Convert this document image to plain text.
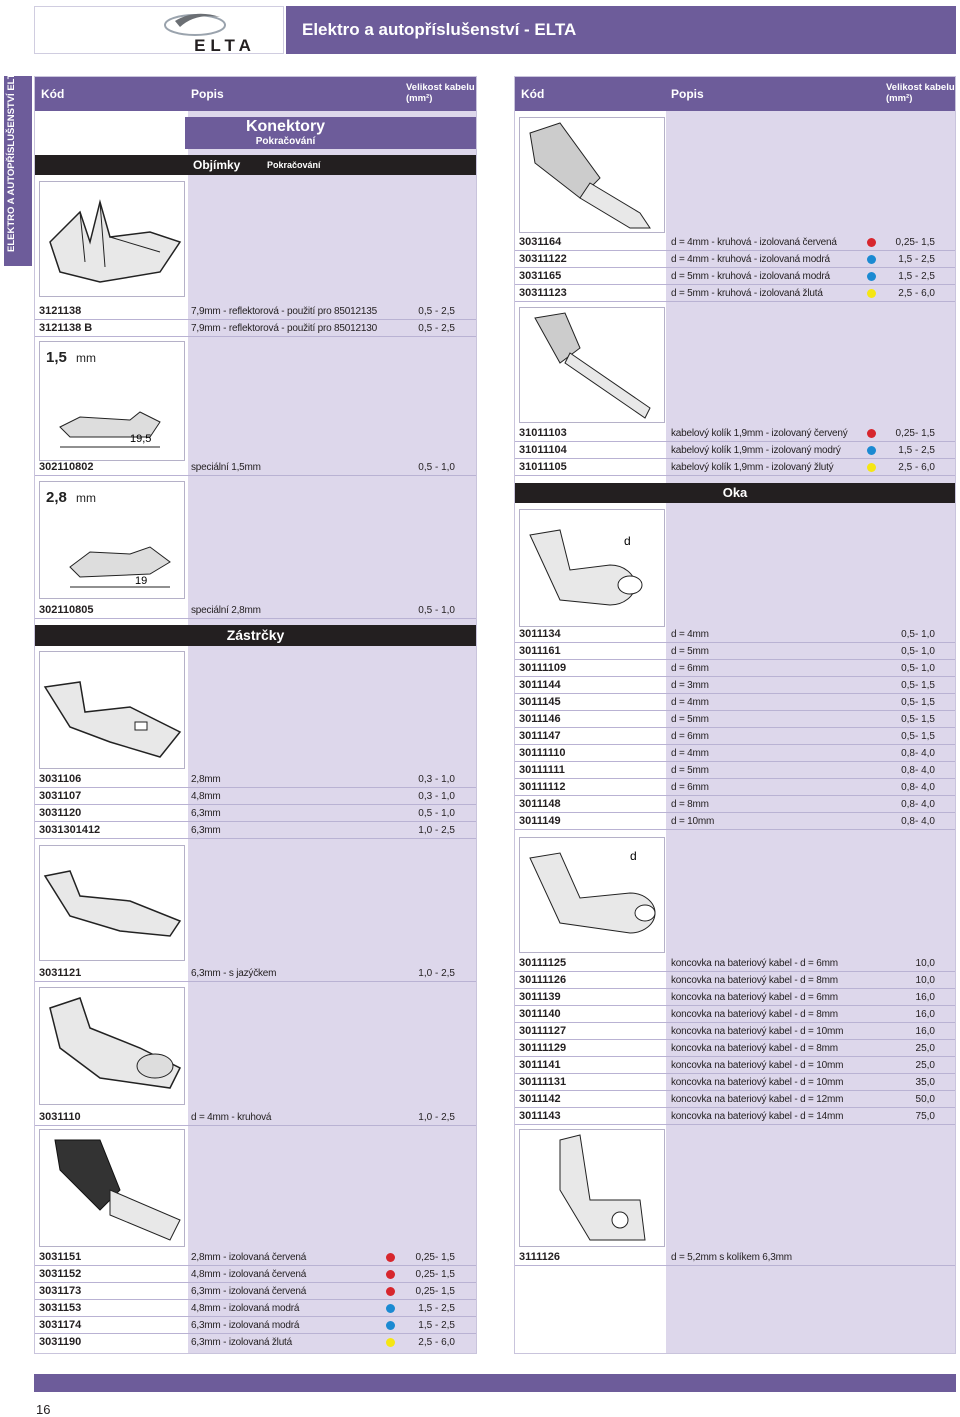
ELTA
Elektro a autopříslušenství - ELTA
ELEKTRO A AUTOPŘÍSLUŠENSTVÍ ELTA Kód	Popis	Velikost kabelu
(mm²)
Konektory
Pokračování
Objímky	Pokračování
3121138	7,9mm - reflektorová - použití pro 85012135	0,5 - 2,5
3121138 B	7,9mm - reflektorová - použití pro 85012130	0,5 - 2,5
1,5 mm
19,5
302110802	speciální 1,5mm	0,5 - 1,0
2,8 mm
19
302110805	speciální 2,8mm	0,5 - 1,0
Zástrčky
3031106	2,8mm	0,3 - 1,0
3031107	4,8mm	0,3 - 1,0
3031120	6,3mm	0,5 - 1,0
3031301412	6,3mm	1,0 - 2,5
3031121	6,3mm - s jazýčkem	1,0 - 2,5
3031110	d = 4mm - kruhová	1,0 - 2,5
3031151	2,8mm - izolovaná červená	0,25- 1,5
3031152	4,8mm - izolovaná červená	0,25- 1,5
3031173	6,3mm - izolovaná červená	0,25- 1,5
3031153	4,8mm - izolovaná modrá	1,5 - 2,5
3031174	6,3mm - izolovaná modrá	1,5 - 2,5
3031190	6,3mm - izolovaná žlutá	2,5 - 6,0
Kód	Popis	Velikost kabelu
(mm²)
3031164	d = 4mm - kruhová - izolovaná červená	0,25- 1,5
30311122	d = 4mm - kruhová - izolovaná modrá	1,5 - 2,5
3031165	d = 5mm - kruhová - izolovaná modrá	1,5 - 2,5
30311123	d = 5mm - kruhová - izolovaná žlutá	2,5 - 6,0
31011103	kabelový kolík 1,9mm - izolovaný červený	0,25- 1,5
31011104	kabelový kolík 1,9mm - izolovaný modrý	1,5 - 2,5
31011105	kabelový kolík 1,9mm - izolovaný žlutý	2,5 - 6,0
Oka
d
d
3111126	d = 5,2mm s kolíkem 6,3mm
3011134	d = 4mm	0,5- 1,0
3011161	d = 5mm	0,5- 1,0
30111109	d = 6mm	0,5- 1,0
3011144	d = 3mm	0,5- 1,5
3011145	d = 4mm	0,5- 1,5
3011146	d = 5mm	0,5- 1,5
3011147	d = 6mm	0,5- 1,5
30111110	d = 4mm	0,8- 4,0
30111111	d = 5mm	0,8- 4,0
30111112	d = 6mm	0,8- 4,0
3011148	d = 8mm	0,8- 4,0
3011149	d = 10mm	0,8- 4,0
30111125	koncovka na bateriový kabel - d = 6mm	10,0
30111126	koncovka na bateriový kabel - d = 8mm	10,0
3011139	koncovka na bateriový kabel - d = 6mm	16,0
3011140	koncovka na bateriový kabel - d = 8mm	16,0
30111127	koncovka na bateriový kabel - d = 10mm	16,0
30111129	koncovka na bateriový kabel - d = 8mm	25,0
3011141	koncovka na bateriový kabel - d = 10mm	25,0
30111131	koncovka na bateriový kabel - d = 10mm	35,0
3011142	koncovka na bateriový kabel - d = 12mm	50,0
3011143	koncovka na bateriový kabel - d = 14mm	75,0
16
